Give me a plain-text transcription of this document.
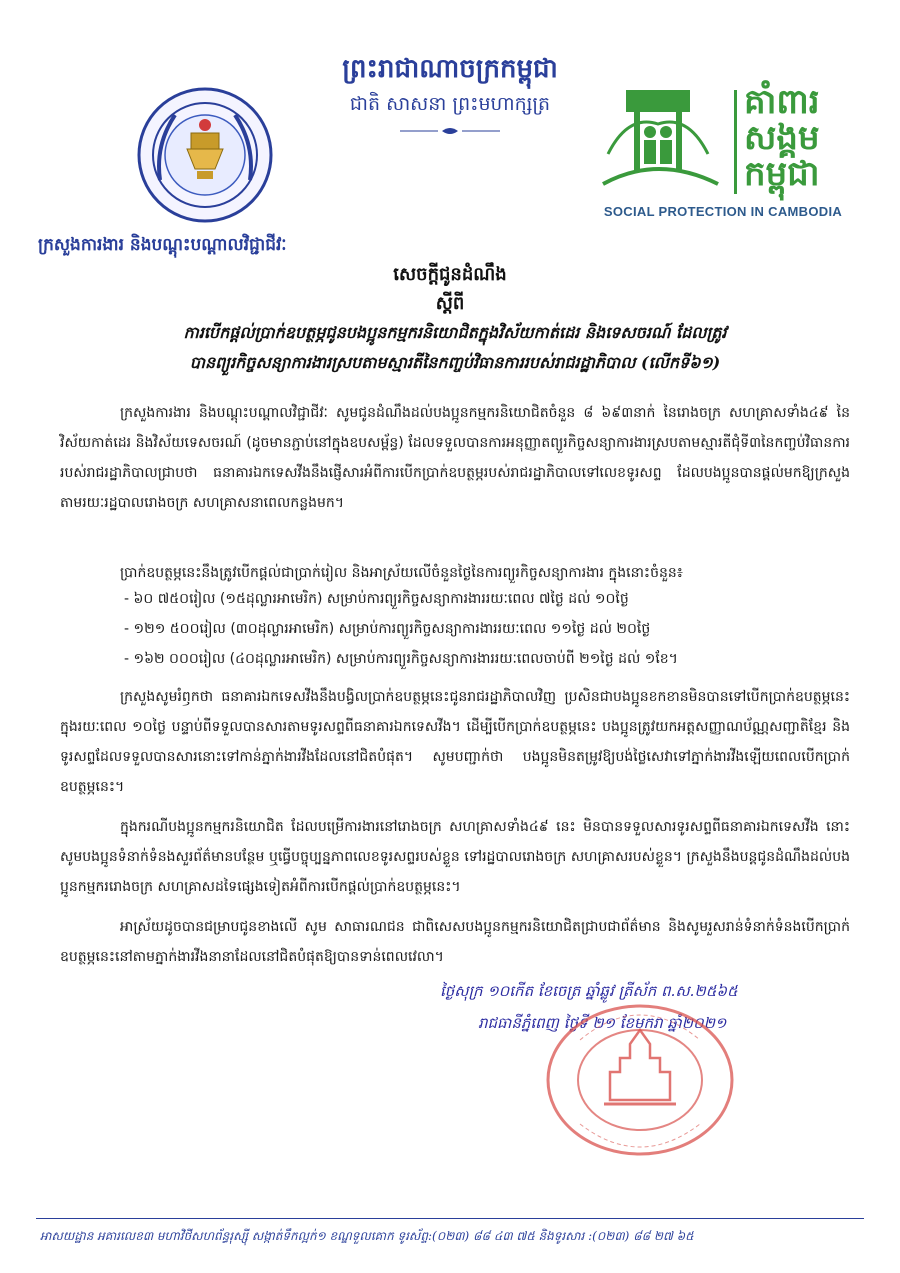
ព្រះរាជាណាចក្រកម្ពុជា
ជាតិ សាសនា ព្រះមហាក្សត្រ	គាំពារ
សង្គម
កម្ពុជា
SOCIAL PROTECTION IN CAMBODIA
ក្រសួងការងារ និងបណ្តុះបណ្តាលវិជ្ជាជីវៈ
សេចក្តីជូនដំណឹង
ស្តីពី
ការបើកផ្តល់ប្រាក់ឧបត្ថម្ភជូនបងប្អូនកម្មករនិយោជិតក្នុងវិស័យកាត់ដេរ និងទេសចរណ៍ ដែលត្រូវ
បានព្យួរកិច្ចសន្យាការងារស្របតាមស្មារតីនៃកញ្ចប់វិធានការរបស់រាជរដ្ឋាភិបាល (លើកទី៦១)
ក្រសួងការងារ និងបណ្តុះបណ្តាលវិជ្ជាជីវៈ សូមជូនដំណឹងដល់បងប្អូនកម្មករនិយោជិតចំនួន ៨ ៦៩៣នាក់ នៃរោងចក្រ សហគ្រាសទាំង៤៩ នៃវិស័យកាត់ដេរ និងវិស័យទេសចរណ៍ (ដូចមានភ្ជាប់នៅក្នុងឧបសម្ព័ន្ធ) ដែលទទួលបានការអនុញ្ញាតព្យួរកិច្ចសន្យាការងារស្របតាមស្មារតីជុំទី៣នៃកញ្ចប់វិធានការរបស់រាជរដ្ឋាភិបាលជ្រាបថា ធនាគារឯកទេសវីងនឹងផ្ញើសារអំពីការបើកប្រាក់ឧបត្ថម្ភរបស់រាជរដ្ឋាភិបាលទៅលេខទូរសព្ទ ដែលបងប្អូនបានផ្តល់មកឱ្យក្រសួងតាមរយៈរដ្ឋបាលរោងចក្រ សហគ្រាសនាពេលកន្លងមក។
ប្រាក់ឧបត្ថម្ភនេះនឹងត្រូវបើកផ្តល់ជាប្រាក់រៀល និងអាស្រ័យលើចំនួនថ្ងៃនៃការព្យួរកិច្ចសន្យាការងារ ក្នុងនោះចំនួន៖
- ៦០ ៧៥០រៀល (១៥ដុល្លារអាមេរិក) សម្រាប់ការព្យួរកិច្ចសន្យាការងាររយៈពេល ៧ថ្ងៃ ដល់ ១០ថ្ងៃ
- ១២១ ៥០០រៀល (៣០ដុល្លារអាមេរិក) សម្រាប់ការព្យួរកិច្ចសន្យាការងាររយៈពេល ១១ថ្ងៃ ដល់ ២០ថ្ងៃ
- ១៦២ ០០០រៀល (៤០ដុល្លារអាមេរិក) សម្រាប់ការព្យួរកិច្ចសន្យាការងាររយៈពេលចាប់ពី ២១ថ្ងៃ ដល់ ១ខែ។
ក្រសួងសូមរំឭកថា ធនាគារឯកទេសវីងនឹងបង្វិលប្រាក់ឧបត្ថម្ភនេះជូនរាជរដ្ឋាភិបាលវិញ ប្រសិនជាបងប្អូនខកខានមិនបានទៅបើកប្រាក់ឧបត្ថម្ភនេះ ក្នុងរយៈពេល ១០ថ្ងៃ បន្ទាប់ពីទទួលបានសារតាមទូរសព្ទពីធនាគារឯកទេសវីង។ ដើម្បីបើកប្រាក់ឧបត្ថម្ភនេះ បងប្អូនត្រូវយកអត្តសញ្ញាណប័ណ្ណសញ្ជាតិខ្មែរ និងទូរសព្ទដែលទទួលបានសារនោះទៅកាន់ភ្នាក់ងារវីងដែលនៅជិតបំផុត។ សូមបញ្ជាក់ថា បងប្អូនមិនតម្រូវឱ្យបង់ថ្លៃសេវាទៅភ្នាក់ងារវីងឡើយពេលបើកប្រាក់ឧបត្ថម្ភនេះ។
ក្នុងករណីបងប្អូនកម្មករនិយោជិត ដែលបម្រើការងារនៅរោងចក្រ សហគ្រាសទាំង៤៩ នេះ មិនបានទទួលសារទូរសព្ទពីធនាគារឯកទេសវីង នោះសូមបងប្អូនទំនាក់ទំនងសួរព័ត៌មានបន្ថែម ឬធ្វើបច្ចុប្បន្នភាពលេខទូរសព្ទរបស់ខ្លួន ទៅរដ្ឋបាលរោងចក្រ សហគ្រាសរបស់ខ្លួន។ ក្រសួងនឹងបន្តជូនដំណឹងដល់បងប្អូនកម្មកររោងចក្រ សហគ្រាសដទៃផ្សេងទៀតអំពីការបើកផ្តល់ប្រាក់ឧបត្ថម្ភនេះ។
អាស្រ័យដូចបានជម្រាបជូនខាងលើ សូម សាធារណជន ជាពិសេសបងប្អូនកម្មករនិយោជិតជ្រាបជាព័ត៌មាន និងសូមរួសរាន់ទំនាក់ទំនងបើកប្រាក់ឧបត្ថម្ភនេះនៅតាមភ្នាក់ងារវីងនានាដែលនៅជិតបំផុតឱ្យបានទាន់ពេលវេលា។
ថ្ងៃសុក្រ ១០កើត ខែចេត្រ ឆ្នាំឆ្លូវ ត្រីស័ក ព.ស.២៥៦៥
រាជធានីភ្នំពេញ ថ្ងៃទី ២១ ខែមករា ឆ្នាំ២០២១
អាសយដ្ឋាន អគារលេខ៣ មហាវិថីសហព័ន្ធរុស្ស៊ី សង្កាត់ទឹកល្អក់១ ខណ្ឌទួលគោក ទូរស័ព្ទ:(០២៣) ៨៨ ៤៣ ៧៥ និងទូរសារ :(០២៣) ៨៨ ២៧ ៦៥
